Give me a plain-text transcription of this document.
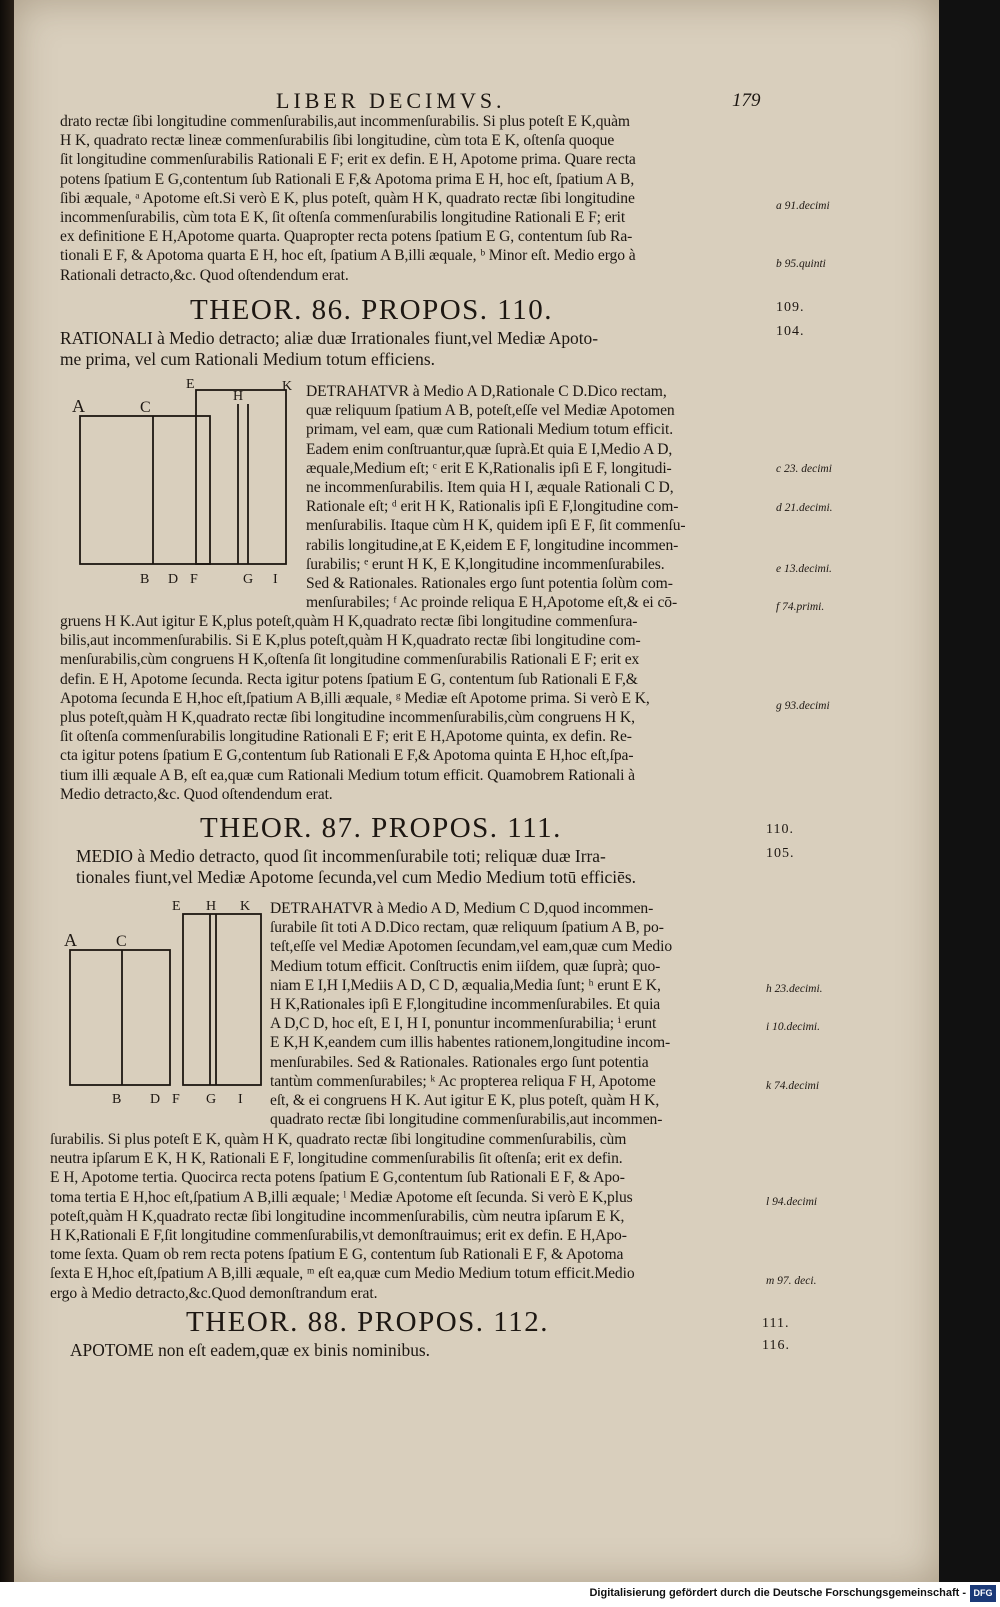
LIBER DECIMVS.	179
drato rectæ ſibi longitudine commenſurabilis,aut incommenſurabilis. Si plus poteſt E K,quàm
H K, quadrato rectæ lineæ commenſurabilis ſibi longitudine, cùm tota E K, oſtenſa quoque
ſit longitudine commenſurabilis Rationali E F; erit ex defin. E H, Apotome prima. Quare recta
potens ſpatium E G,contentum ſub Rationali E F,& Apotoma prima E H, hoc eſt, ſpatium A B,
ſibi æquale, ᵃ Apotome eſt.Si verò E K, plus poteſt, quàm H K, quadrato rectæ ſibi longitudine
incommenſurabilis, cùm tota E K, ſit oſtenſa commenſurabilis longitudine Rationali E F; erit
ex definitione E H,Apotome quarta. Quapropter recta potens ſpatium E G, contentum ſub Ra-
tionali E F, & Apotoma quarta E H, hoc eſt, ſpatium A B,illi æquale, ᵇ Minor eſt. Medio ergo à
Rationali detracto,&c. Quod oſtendendum erat.
THEOR. 86. PROPOS. 110.
RATIONALI à Medio detracto; aliæ duæ Irrationales fiunt,vel Mediæ Apoto-
me prima, vel cum Rationali Medium totum efficiens.
A	C
B D F	G I
E
H
K DETRAHATVR à Medio A D,Rationale C D.Dico rectam,
quæ reliquum ſpatium A B, poteſt,eſſe vel Mediæ Apotomen
primam, vel eam, quæ cum Rationali Medium totum efficit.
Eadem enim conſtruantur,quæ ſuprà.Et quia E I,Medio A D,
æquale,Medium eſt; ᶜ erit E K,Rationalis ipſi E F, longitudi-
ne incommenſurabilis. Item quia H I, æquale Rationali C D,
Rationale eſt; ᵈ erit H K, Rationalis ipſi E F,longitudine com-
menſurabilis. Itaque cùm H K, quidem ipſi E F, ſit commenſu-
rabilis longitudine,at E K,eidem E F, longitudine incommen-
ſurabilis; ᵉ erunt H K, E K,longitudine incommenſurabiles.
Sed & Rationales. Rationales ergo ſunt potentia ſolùm com-
menſurabiles; ᶠ Ac proinde reliqua E H,Apotome eſt,& ei cō-
gruens H K.Aut igitur E K,plus poteſt,quàm H K,quadrato rectæ ſibi longitudine commenſura-
bilis,aut incommenſurabilis. Si E K,plus poteſt,quàm H K,quadrato rectæ ſibi longitudine com-
menſurabilis,cùm congruens H K,oſtenſa ſit longitudine commenſurabilis Rationali E F; erit ex
defin. E H, Apotome ſecunda. Recta igitur potens ſpatium E G, contentum ſub Rationali E F,&
Apotoma ſecunda E H,hoc eſt,ſpatium A B,illi æquale, ᵍ Mediæ eſt Apotome prima. Si verò E K,
plus poteſt,quàm H K,quadrato rectæ ſibi longitudine incommenſurabilis,cùm congruens H K,
ſit oſtenſa commenſurabilis longitudine Rationali E F; erit E H,Apotome quinta, ex defin. Re-
cta igitur potens ſpatium E G,contentum ſub Rationali E F,& Apotoma quinta E H,hoc eſt,ſpa-
tium illi æquale A B, eſt ea,quæ cum Rationali Medium totum efficit. Quamobrem Rationali à
Medio detracto,&c. Quod oſtendendum erat.
THEOR. 87. PROPOS. 111.
MEDIO à Medio detracto, quod ſit incommenſurabile toti; reliquæ duæ Irra-
tionales fiunt,vel Mediæ Apotome ſecunda,vel cum Medio Medium totū efficiēs.
A C
B D F G I
E H K DETRAHATVR à Medio A D, Medium C D,quod incommen-
ſurabile ſit toti A D.Dico rectam, quæ reliquum ſpatium A B, po-
teſt,eſſe vel Mediæ Apotomen ſecundam,vel eam,quæ cum Medio
Medium totum efficit. Conſtructis enim iiſdem, quæ ſuprà; quo-
niam E I,H I,Mediis A D, C D, æqualia,Media ſunt; ʰ erunt E K,
H K,Rationales ipſi E F,longitudine incommenſurabiles. Et quia
A D,C D, hoc eſt, E I, H I, ponuntur incommenſurabilia; ⁱ erunt
E K,H K,eandem cum illis habentes rationem,longitudine incom-
menſurabiles. Sed & Rationales. Rationales ergo ſunt potentia
tantùm commenſurabiles; ᵏ Ac propterea reliqua F H, Apotome
eſt, & ei congruens H K. Aut igitur E K, plus poteſt, quàm H K,
quadrato rectæ ſibi longitudine commenſurabilis,aut incommen-
ſurabilis. Si plus poteſt E K, quàm H K, quadrato rectæ ſibi longitudine commenſurabilis, cùm
neutra ipſarum E K, H K, Rationali E F, longitudine commenſurabilis ſit oſtenſa; erit ex defin.
E H, Apotome tertia. Quocirca recta potens ſpatium E G,contentum ſub Rationali E F, & Apo-
toma tertia E H,hoc eſt,ſpatium A B,illi æquale; ˡ Mediæ Apotome eſt ſecunda. Si verò E K,plus
poteſt,quàm H K,quadrato rectæ ſibi longitudine incommenſurabilis, cùm neutra ipſarum E K,
H K,Rationali E F,ſit longitudine commenſurabilis,vt demonſtrauimus; erit ex defin. E H,Apo-
tome ſexta. Quam ob rem recta potens ſpatium E G, contentum ſub Rationali E F, & Apotoma
ſexta E H,hoc eſt,ſpatium A B,illi æquale, ᵐ eſt ea,quæ cum Medio Medium totum efficit.Medio
ergo à Medio detracto,&c.Quod demonſtrandum erat.
THEOR. 88. PROPOS. 112.
APOTOME non eſt eadem,quæ ex binis nominibus.
a 91.decimi
b 95.quinti
c 23. decimi
d 21.decimi.
e 13.decimi.
f 74.primi.
g 93.decimi
h 23.decimi.
i 10.decimi.
k 74.decimi
l 94.decimi
m 97. deci.
109.
104.
110.
105.
111.
116.
Digitalisierung gefördert durch die Deutsche Forschungsgemeinschaft - DFG
